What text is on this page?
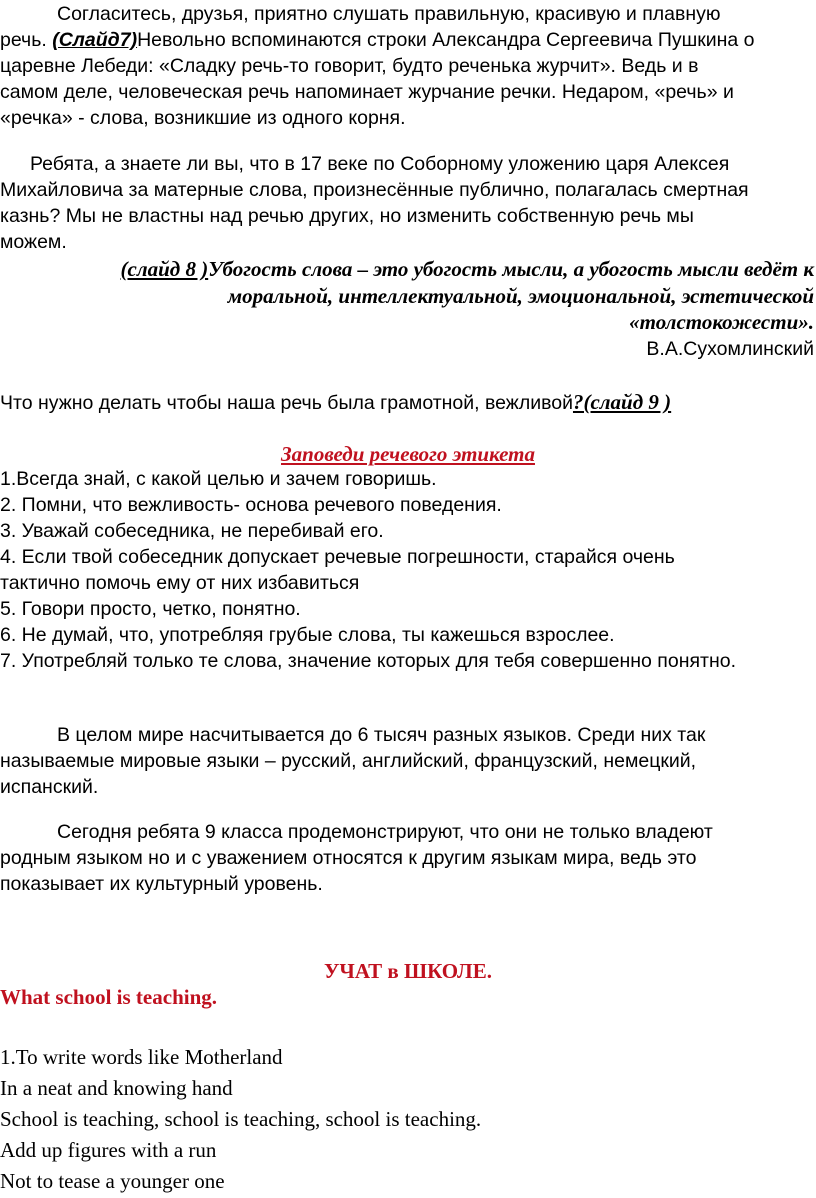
Согласитесь, друзья, приятно слушать правильную, красивую и плавную
речь. (Слайд7)Невольно вспоминаются строки Александра Сергеевича Пушкина о
царевне Лебеди: «Сладку речь-то говорит, будто реченька журчит». Ведь и в
самом деле, человеческая речь напоминает журчание речки. Недаром, «речь» и
«речка» - слова, возникшие из одного корня.
Ребята, а знаете ли вы, что в 17 веке по Соборному уложению царя Алексея
Михайловича за матерные слова, произнесённые публично, полагалась смертная
казнь? Мы не властны над речью других, но изменить собственную речь мы
можем.
(слайд 8 )Убогость слова – это убогость мысли, а убогость мысли ведёт к
моральной, интеллектуальной, эмоциональной, эстетической
«толстокожести».
В.А.Сухомлинский
Что нужно делать чтобы наша речь была грамотной, вежливой?(слайд 9 )
Заповеди речевого этикета
1.Всегда знай, с какой целью и зачем говоришь.
2. Помни, что вежливость- основа речевого поведения.
3. Уважай собеседника, не перебивай его.
4. Если твой собеседник допускает речевые погрешности, старайся очень
тактично помочь ему от них избавиться
5. Говори просто, четко, понятно.
6. Не думай, что, употребляя грубые слова, ты кажешься взрослее.
7. Употребляй только те слова, значение которых для тебя совершенно понятно.
В целом мире насчитывается до 6 тысяч разных языков. Среди них так
называемые мировые языки – русский, английский, французский, немецкий,
испанский.
Сегодня ребята 9 класса продемонстрируют, что они не только владеют
родным языком но и с уважением относятся к другим языкам мира, ведь это
показывает их культурный уровень.
УЧАТ в ШКОЛЕ.
What school is teaching.
1.To write words like Motherland
In a neat and knowing hand
School is teaching, school is teaching, school is teaching.
Add up figures with a run
Not to tease a younger one
